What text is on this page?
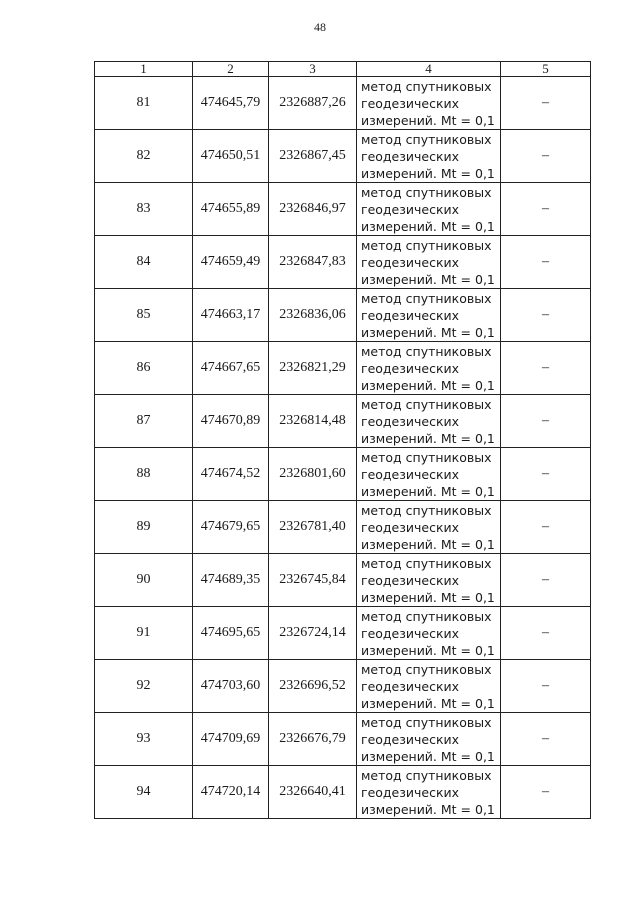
48
1	2	3	4	5
81	474645,79	2326887,26	метод спутниковых
геодезических
измерений. Mt = 0,1	–
82	474650,51	2326867,45	метод спутниковых
геодезических
измерений. Mt = 0,1	–
83	474655,89	2326846,97	метод спутниковых
геодезических
измерений. Mt = 0,1	–
84	474659,49	2326847,83	метод спутниковых
геодезических
измерений. Mt = 0,1	–
85	474663,17	2326836,06	метод спутниковых
геодезических
измерений. Mt = 0,1	–
86	474667,65	2326821,29	метод спутниковых
геодезических
измерений. Mt = 0,1	–
87	474670,89	2326814,48	метод спутниковых
геодезических
измерений. Mt = 0,1	–
88	474674,52	2326801,60	метод спутниковых
геодезических
измерений. Mt = 0,1	–
89	474679,65	2326781,40	метод спутниковых
геодезических
измерений. Mt = 0,1	–
90	474689,35	2326745,84	метод спутниковых
геодезических
измерений. Mt = 0,1	–
91	474695,65	2326724,14	метод спутниковых
геодезических
измерений. Mt = 0,1	–
92	474703,60	2326696,52	метод спутниковых
геодезических
измерений. Mt = 0,1	–
93	474709,69	2326676,79	метод спутниковых
геодезических
измерений. Mt = 0,1	–
94	474720,14	2326640,41	метод спутниковых
геодезических
измерений. Mt = 0,1	–
